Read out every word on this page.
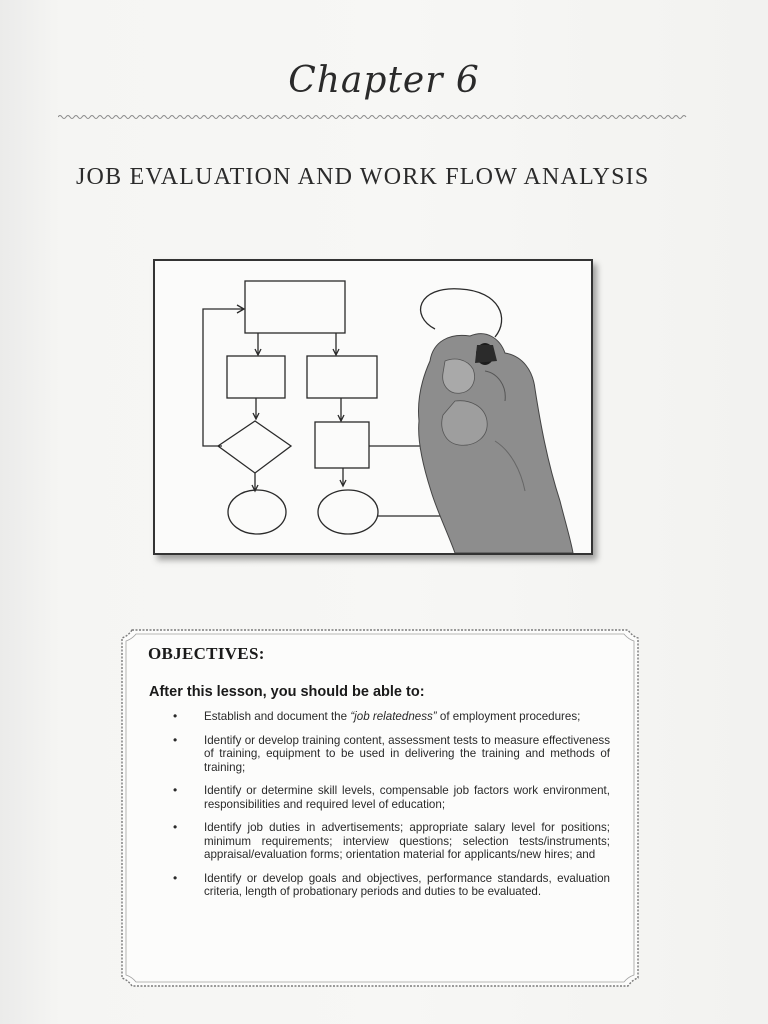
Chapter 6
JOB EVALUATION AND WORK FLOW ANALYSIS
OBJECTIVES:
After this lesson, you should be able to:
• Establish and document the “job relatedness” of employment procedures;
• Identify or develop training content, assessment tests to measure effectiveness of training, equipment to be used in delivering the training and methods of training;
• Identify or determine skill levels, compensable job factors work environment, responsibilities and required level of education;
• Identify job duties in advertisements; appropriate salary level for positions; minimum requirements; interview questions; selection tests/instruments; appraisal/evaluation forms; orientation material for applicants/new hires; and
• Identify or develop goals and objectives, performance standards, evaluation criteria, length of probationary periods and duties to be evaluated.
